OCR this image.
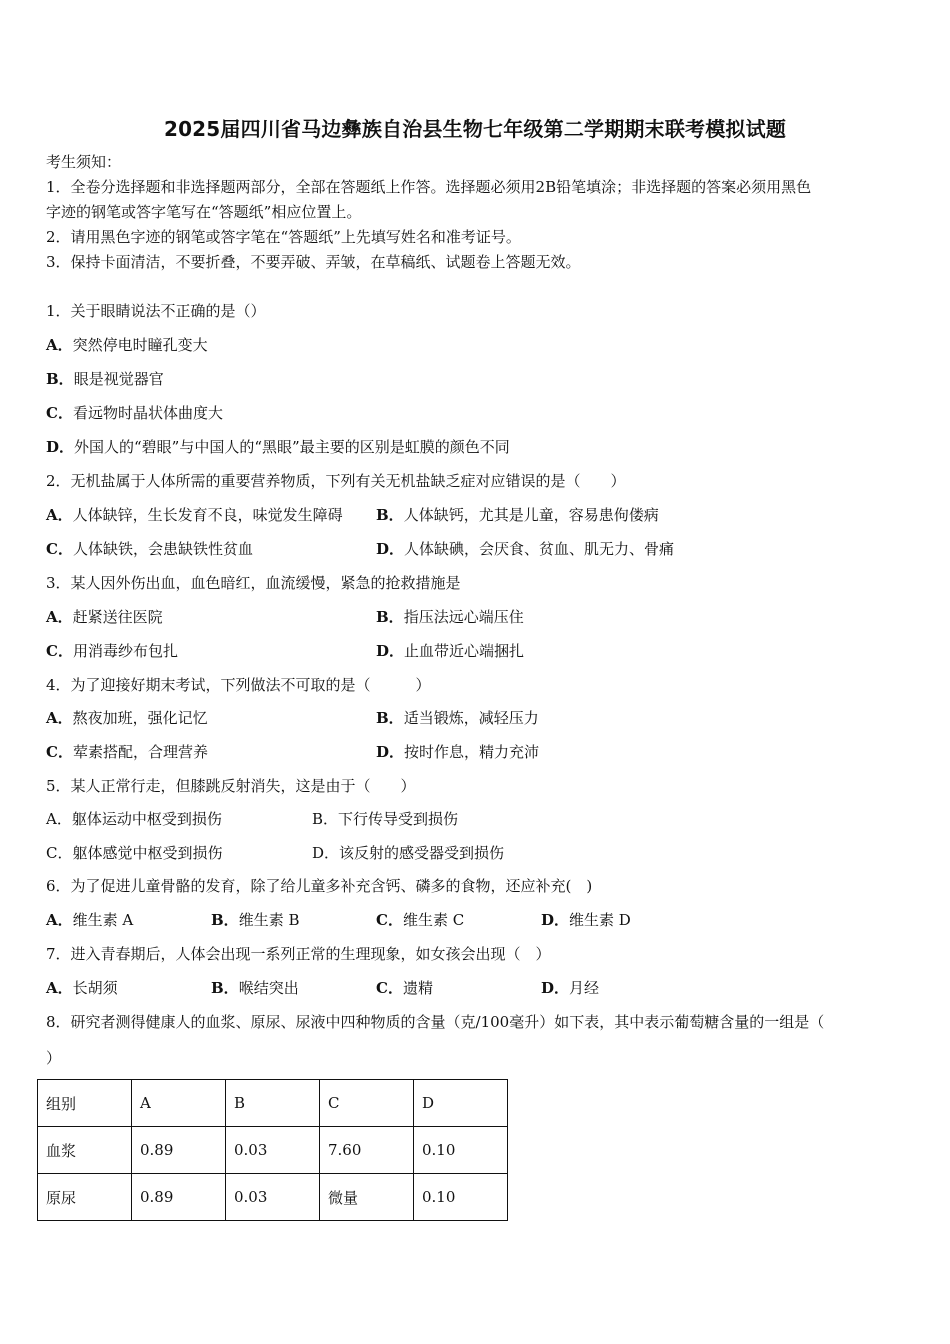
2025届四川省马边彝族自治县生物七年级第二学期期末联考模拟试题
考生须知：
1．全卷分选择题和非选择题两部分，全部在答题纸上作答。选择题必须用2B铅笔填涂；非选择题的答案必须用黑色
字迹的钢笔或答字笔写在“答题纸”相应位置上。
2．请用黑色字迹的钢笔或答字笔在“答题纸”上先填写姓名和准考证号。
3．保持卡面清洁，不要折叠，不要弄破、弄皱，在草稿纸、试题卷上答题无效。
1．关于眼睛说法不正确的是（）
A．突然停电时瞳孔变大
B．眼是视觉器官
C．看远物时晶状体曲度大
D．外国人的“碧眼”与中国人的“黑眼”最主要的区别是虹膜的颜色不同
2．无机盐属于人体所需的重要营养物质，下列有关无机盐缺乏症对应错误的是（　　）
A．人体缺锌，生长发育不良，味觉发生障碍 B．人体缺钙，尤其是儿童，容易患佝偻病
C．人体缺铁，会患缺铁性贫血	D．人体缺碘，会厌食、贫血、肌无力、骨痛
3．某人因外伤出血，血色暗红，血流缓慢，紧急的抢救措施是
A．赶紧送往医院	B．指压法远心端压住
C．用消毒纱布包扎	D．止血带近心端捆扎
4．为了迎接好期末考试，下列做法不可取的是（　　　）
A．熬夜加班，强化记忆	B．适当锻炼，减轻压力
C．荤素搭配，合理营养	D．按时作息，精力充沛
5．某人正常行走，但膝跳反射消失，这是由于（　　）
A．躯体运动中枢受到损伤	B．下行传导受到损伤
C．躯体感觉中枢受到损伤	D．该反射的感受器受到损伤
6．为了促进儿童骨骼的发育，除了给儿童多补充含钙、磷多的食物，还应补充(　)
A．维生素 A	B．维生素 B	C．维生素 C	D．维生素 D
7．进入青春期后，人体会出现一系列正常的生理现象，如女孩会出现（　）
A．长胡须	B．喉结突出	C．遗精	D．月经
8．研究者测得健康人的血浆、原尿、尿液中四种物质的含量（克/100毫升）如下表，其中表示葡萄糖含量的一组是（
）
组别	A	B	C	D
血浆	0.89	0.03	7.60	0.10
原尿	0.89	0.03	微量	0.10
